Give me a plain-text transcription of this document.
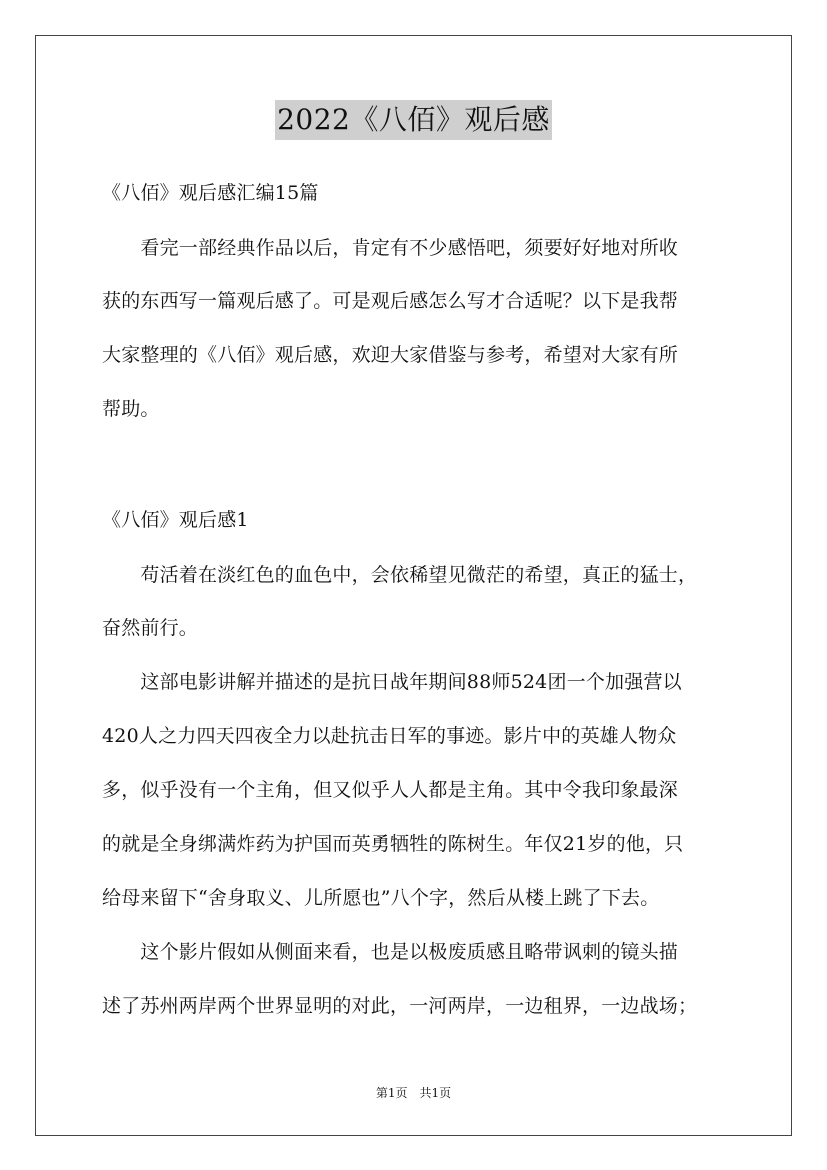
2022《八佰》观后感
《八佰》观后感汇编15篇
　　看完一部经典作品以后，肯定有不少感悟吧，须要好好地对所收
获的东西写一篇观后感了。可是观后感怎么写才合适呢？以下是我帮
大家整理的《八佰》观后感，欢迎大家借鉴与参考，希望对大家有所
帮助。
《八佰》观后感1
　　苟活着在淡红色的血色中，会依稀望见微茫的希望，真正的猛士，
奋然前行。
　　这部电影讲解并描述的是抗日战年期间88师524团一个加强营以
420人之力四天四夜全力以赴抗击日军的事迹。影片中的英雄人物众
多，似乎没有一个主角，但又似乎人人都是主角。其中令我印象最深
的就是全身绑满炸药为护国而英勇牺牲的陈树生。年仅21岁的他，只
给母来留下“舍身取义、儿所愿也”八个字，然后从楼上跳了下去。
　　这个影片假如从侧面来看，也是以极废质感且略带讽刺的镜头描
述了苏州两岸两个世界显明的对此，一河两岸，一边租界，一边战场；
第1页　共1页
